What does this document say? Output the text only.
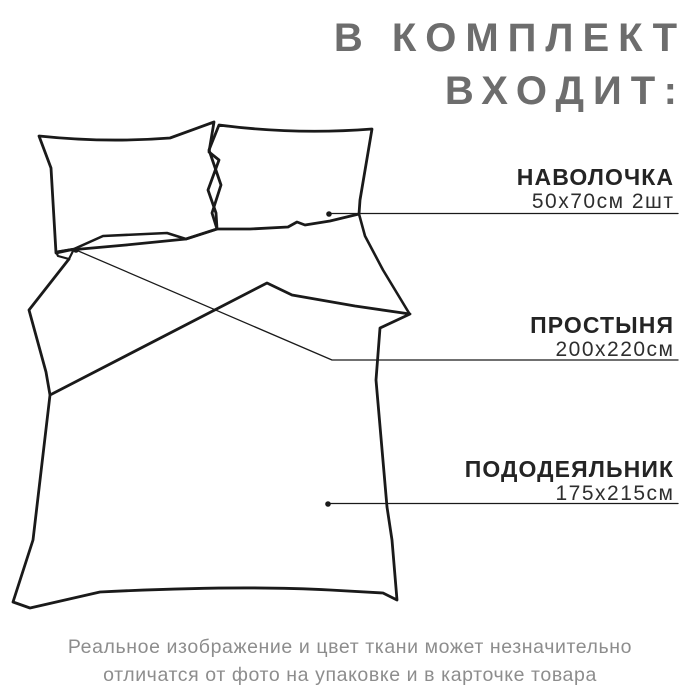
В КОМПЛЕКТ
ВХОДИТ:
НАВОЛОЧКА
50х70см 2шт
ПРОСТЫНЯ
200х220см
ПОДОДЕЯЛЬНИК
175х215см
Реальное изображение и цвет ткани может незначительно
отличатся от фото на упаковке и в карточке товара
